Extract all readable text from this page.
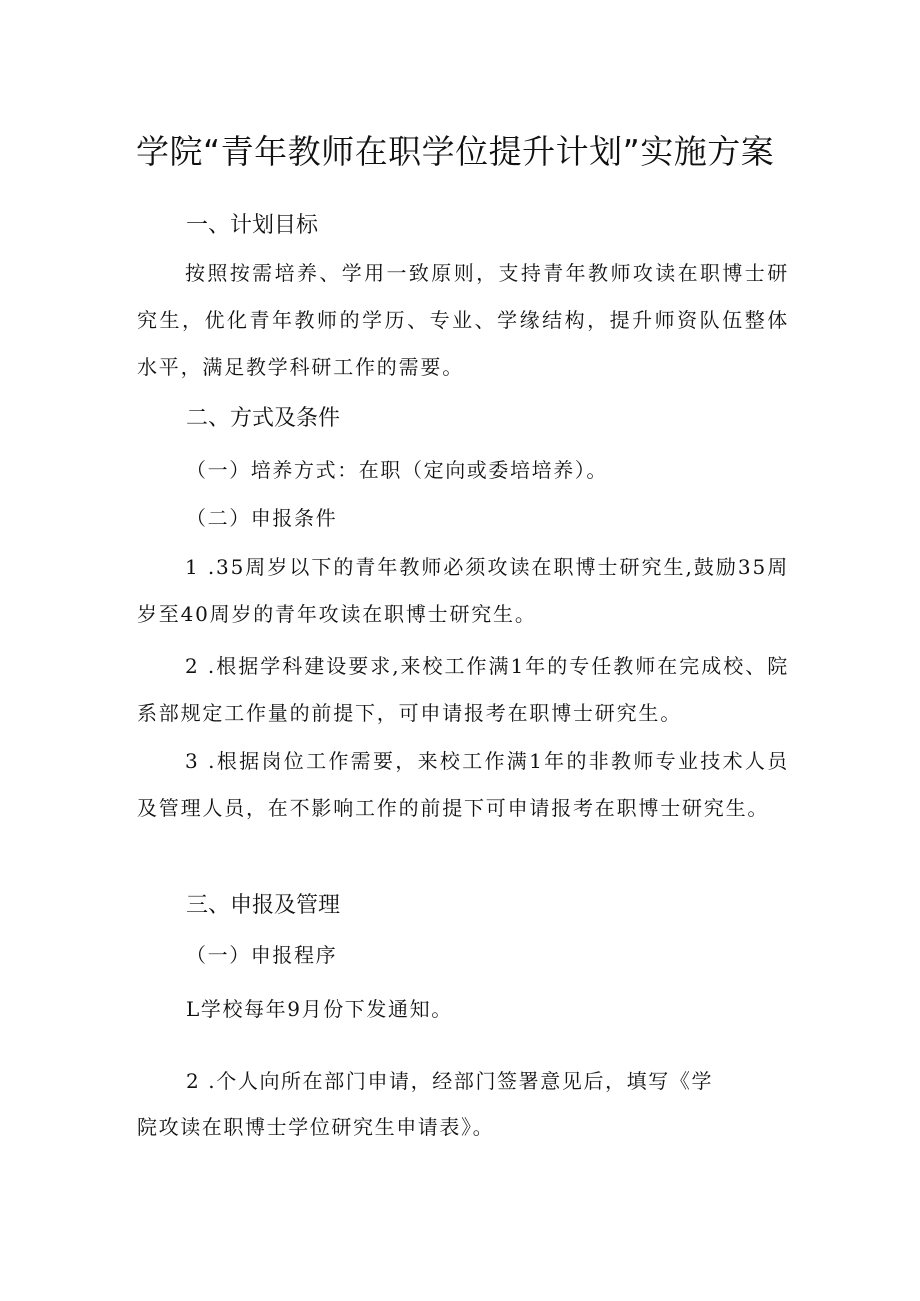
学院“青年教师在职学位提升计划”实施方案
一、计划目标
按照按需培养、学用一致原则，支持青年教师攻读在职博士研究生，优化青年教师的学历、专业、学缘结构，提升师资队伍整体水平，满足教学科研工作的需要。
二、方式及条件
（一）培养方式：在职（定向或委培培养）。
（二）申报条件
1 .35周岁以下的青年教师必须攻读在职博士研究生,鼓励35周岁至40周岁的青年攻读在职博士研究生。
2 .根据学科建设要求,来校工作满1年的专任教师在完成校、院系部规定工作量的前提下，可申请报考在职博士研究生。
3 .根据岗位工作需要，来校工作满1年的非教师专业技术人员及管理人员，在不影响工作的前提下可申请报考在职博士研究生。
三、申报及管理
（一）申报程序
L学校每年9月份下发通知。
2 .个人向所在部门申请，经部门签署意见后，填写《学
院攻读在职博士学位研究生申请表》。
